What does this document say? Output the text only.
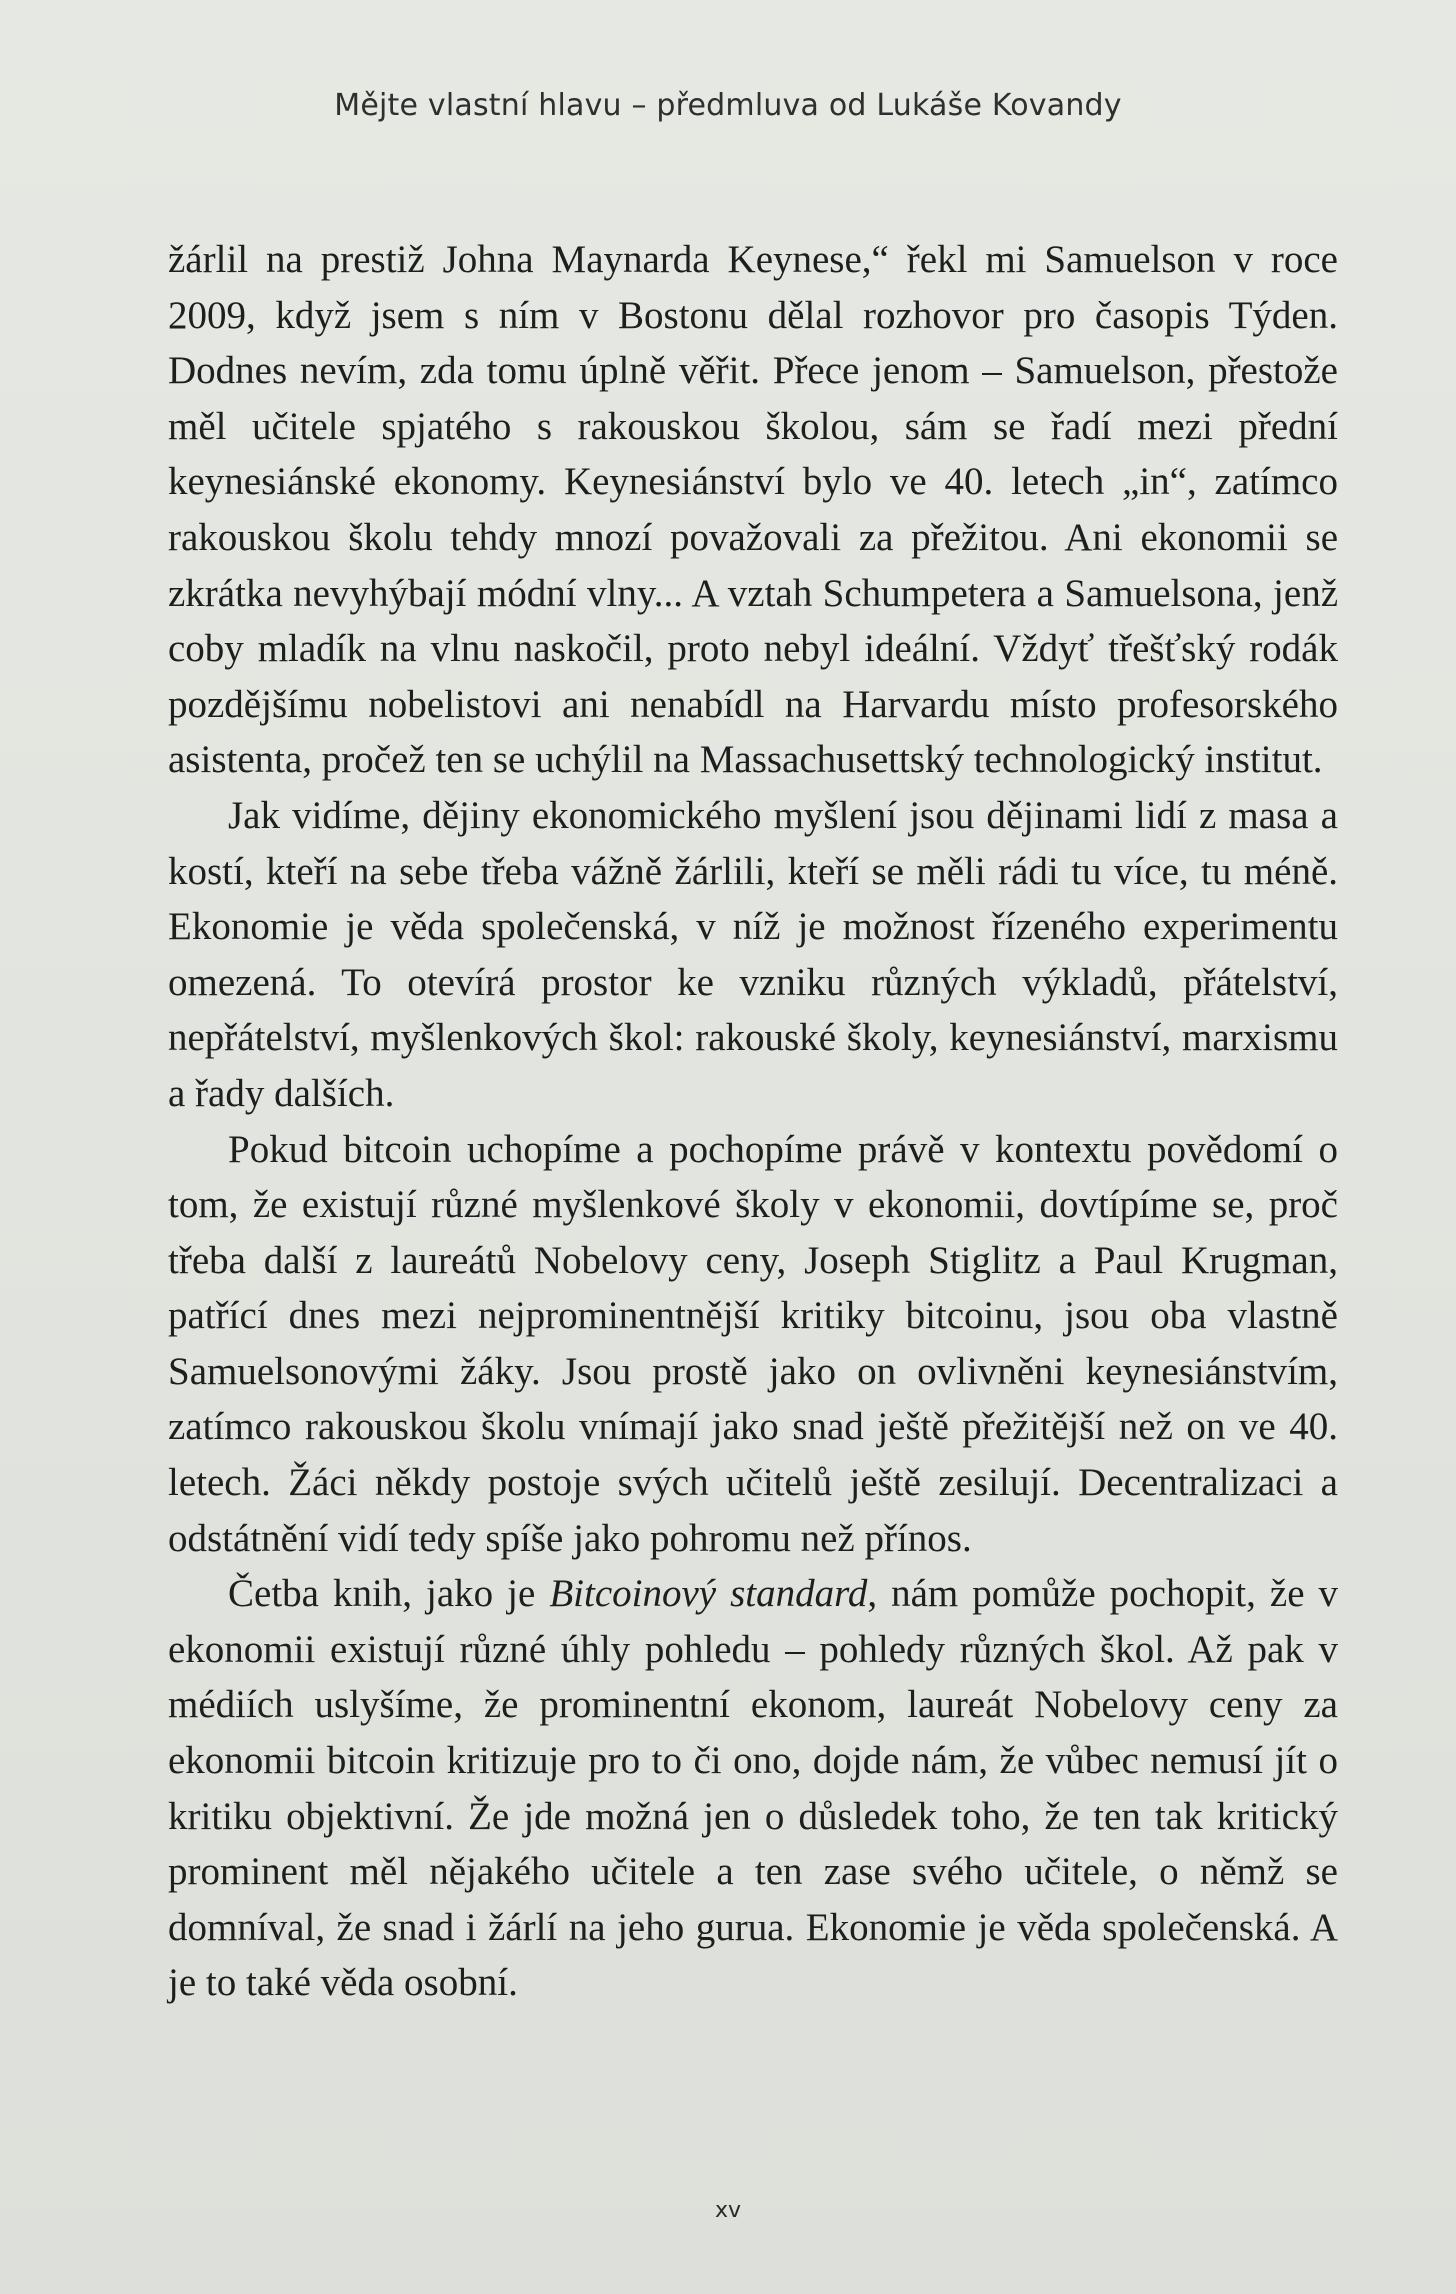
Mějte vlastní hlavu – předmluva od Lukáše Kovandy

žárlil na prestiž Johna Maynarda Keynese,“ řekl mi Samuelson v roce 2009, když jsem s ním v Bostonu dělal rozhovor pro časopis Týden. Dodnes nevím, zda tomu úplně věřit. Přece jenom – Samuelson, přestože měl učitele spjatého s rakouskou školou, sám se řadí mezi přední keynesiánské ekonomy. Keynesiánství bylo ve 40. letech „in“, zatímco rakouskou školu tehdy mnozí považovali za přežitou. Ani ekonomii se zkrátka nevyhýbají módní vlny... A vztah Schumpetera a Samuelsona, jenž coby mladík na vlnu naskočil, proto nebyl ideální. Vždyť třešťský rodák pozdějšímu nobelistovi ani nenabídl na Harvardu místo profesorského asistenta, pročež ten se uchýlil na Massachusettský technologický institut.

Jak vidíme, dějiny ekonomického myšlení jsou dějinami lidí z masa a kostí, kteří na sebe třeba vážně žárlili, kteří se měli rádi tu více, tu méně. Ekonomie je věda společenská, v níž je možnost řízeného experimentu omezená. To otevírá prostor ke vzniku různých výkladů, přátelství, nepřátelství, myšlenkových škol: rakouské školy, keynesiánství, marxismu a řady dalších.

Pokud bitcoin uchopíme a pochopíme právě v kontextu povědomí o tom, že existují různé myšlenkové školy v ekonomii, dovtípíme se, proč třeba další z laureátů Nobelovy ceny, Joseph Stiglitz a Paul Krugman, patřící dnes mezi nejprominentnější kritiky bitcoinu, jsou oba vlastně Samuelsonovými žáky. Jsou prostě jako on ovlivněni keynesiánstvím, zatímco rakouskou školu vnímají jako snad ještě přežitější než on ve 40. letech. Žáci někdy postoje svých učitelů ještě zesilují. Decentralizaci a odstátnění vidí tedy spíše jako pohromu než přínos.

Četba knih, jako je Bitcoinový standard, nám pomůže pochopit, že v ekonomii existují různé úhly pohledu – pohledy různých škol. Až pak v médiích uslyšíme, že prominentní ekonom, laureát Nobelovy ceny za ekonomii bitcoin kritizuje pro to či ono, dojde nám, že vůbec nemusí jít o kritiku objektivní. Že jde možná jen o důsledek toho, že ten tak kritický prominent měl nějakého učitele a ten zase svého učitele, o němž se domníval, že snad i žárlí na jeho gurua. Ekonomie je věda společenská. A je to také věda osobní.

xv
